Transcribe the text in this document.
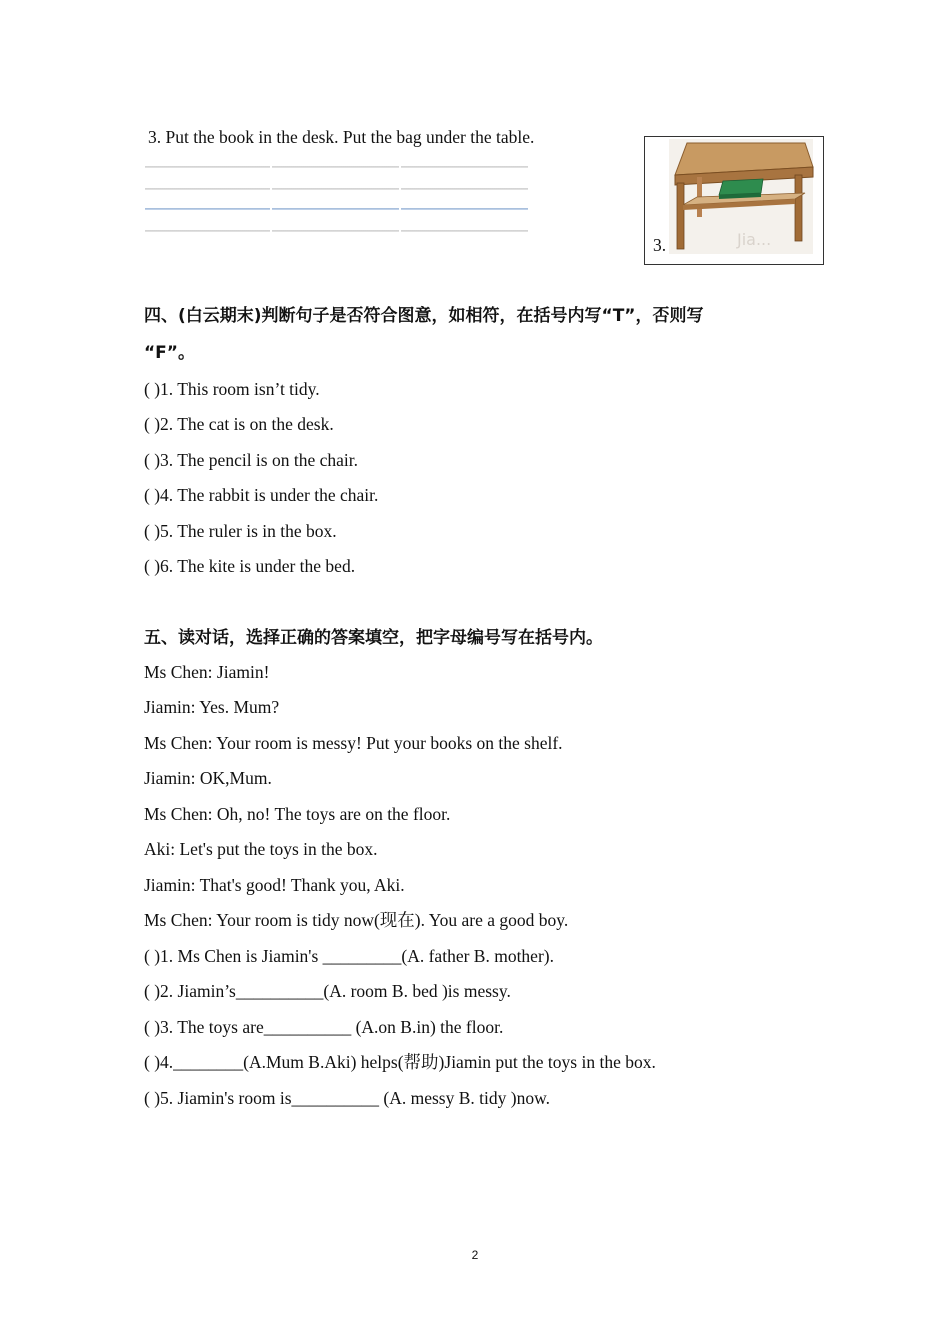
3. Put the book in the desk. Put the bag under the table.
Jia...
3.
四、(白云期末)判断句子是否符合图意，如相符，在括号内写“T”，否则写
“F”。
( )1. This room isn’t tidy.
( )2. The cat is on the desk.
( )3. The pencil is on the chair.
( )4. The rabbit is under the chair.
( )5. The ruler is in the box.
( )6. The kite is under the bed.
五、读对话，选择正确的答案填空，把字母编号写在括号内。
Ms Chen: Jiamin!
Jiamin: Yes. Mum?
Ms Chen: Your room is messy! Put your books on the shelf.
Jiamin: OK,Mum.
Ms Chen: Oh, no! The toys are on the floor.
Aki: Let's put the toys in the box.
Jiamin: That's good! Thank you, Aki.
Ms Chen: Your room is tidy now(现在). You are a good boy.
( )1. Ms Chen is Jiamin's _________(A. father B. mother).
( )2. Jiamin’s__________(A. room B. bed )is messy.
( )3. The toys are__________ (A.on B.in) the floor.
( )4.________(A.Mum B.Aki) helps(帮助)Jiamin put the toys in the box.
( )5. Jiamin's room is__________ (A. messy B. tidy )now.
2
